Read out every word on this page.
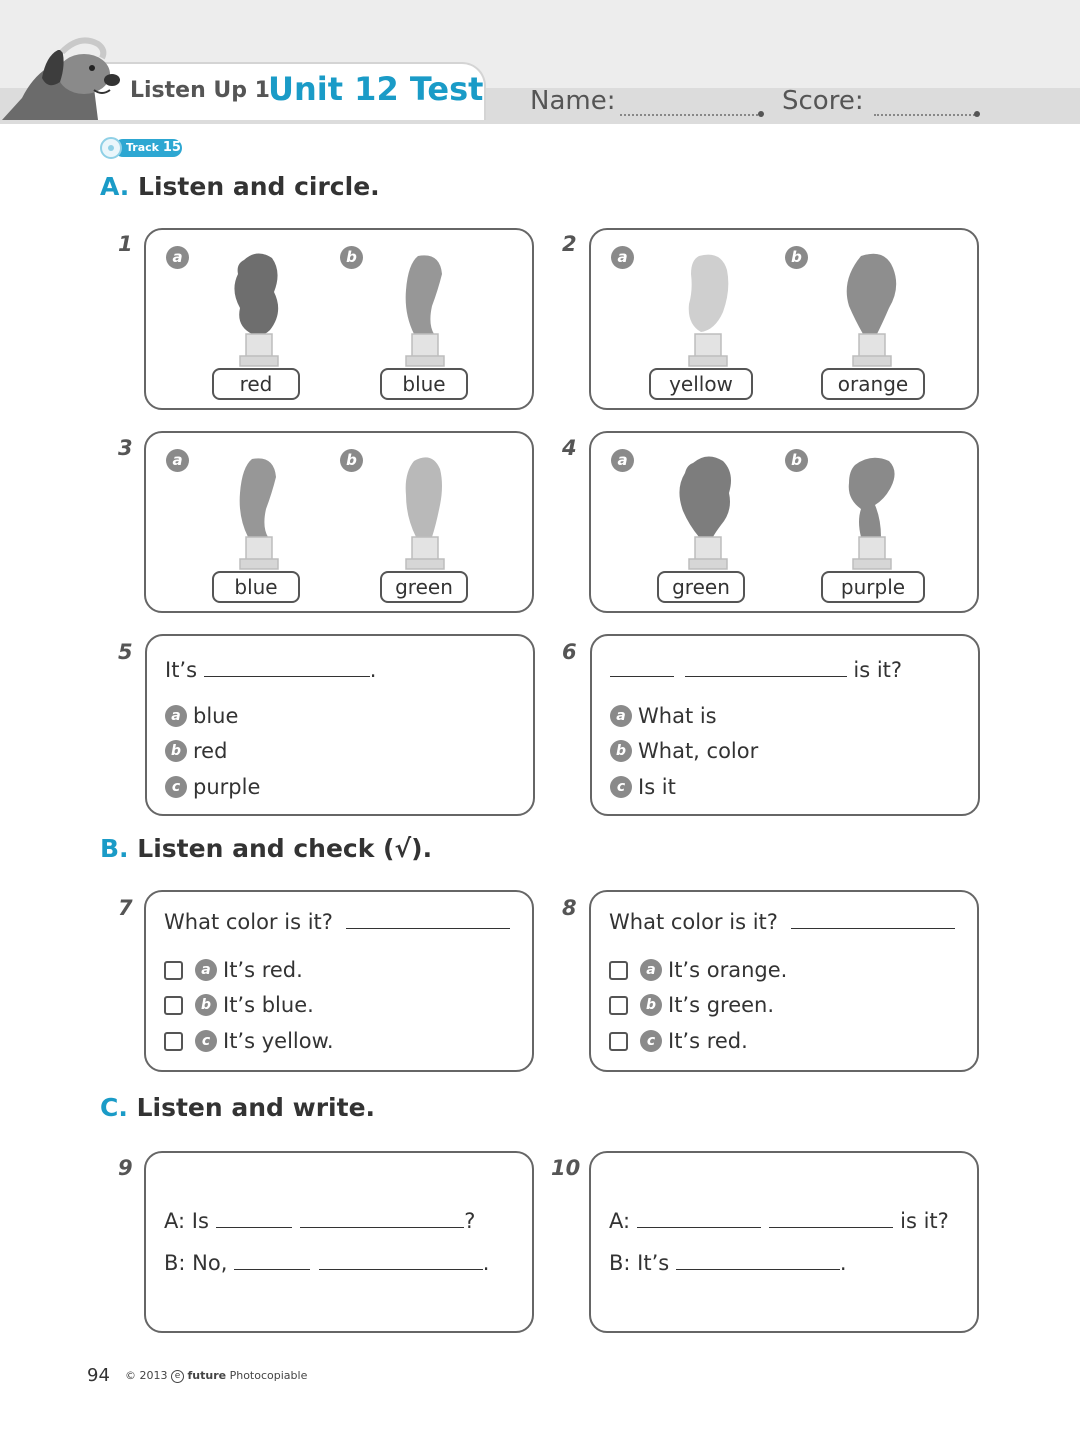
Listen Up 1
Unit 12 Test Name:	Score:
Track 15
A. Listen and circle.
1
a	b
red	blue
2
a	b
yellow	orange
3	a	b
blue	green
4	a	b
green	purple
5
It’s	.
a blue
b red
c purple
6
is it?
a What is
b What, color
c Is it
B. Listen and check (√).
7
What color is it?
a It’s red.
b It’s blue.
c It’s yellow.
8
What color is it?
a It’s orange.
b It’s green.
c It’s red.
C. Listen and write.
9
A: Is	?
B: No,	.
10
A:	is it?
B: It’s	.
94 © 2013 e future Photocopiable
